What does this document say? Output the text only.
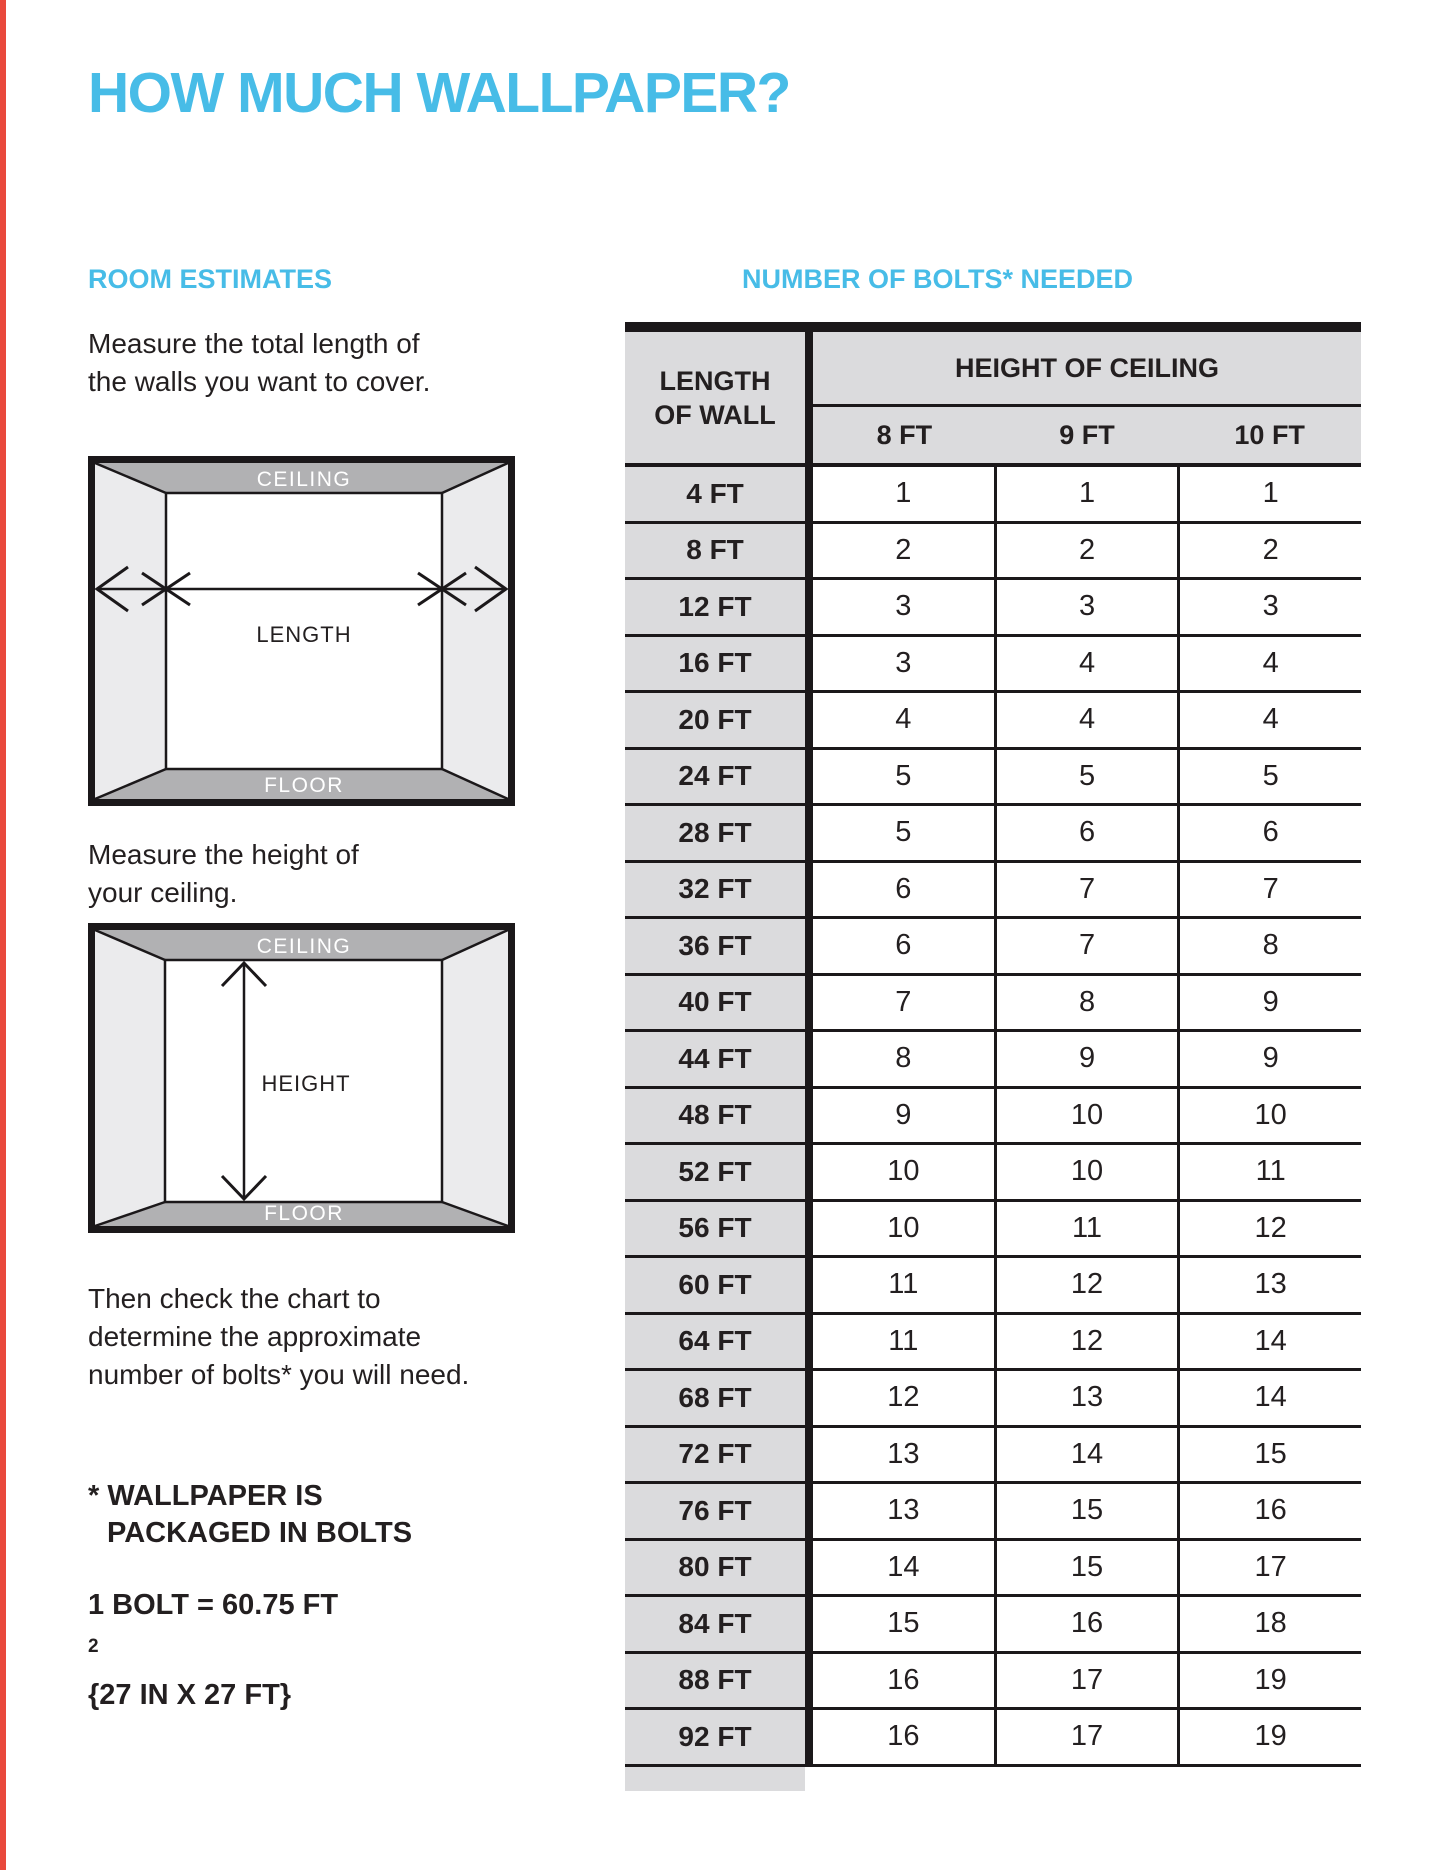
HOW MUCH WALLPAPER?
ROOM ESTIMATES	NUMBER OF BOLTS* NEEDED
Measure the total length of
the walls you want to cover.
CEILING
FLOOR
LENGTH
Measure the height of
your ceiling.
CEILING
FLOOR
HEIGHT
Then check the chart to
determine the approximate
number of bolts* you will need.
* WALLPAPER IS
PACKAGED IN BOLTS
1 BOLT = 60.75 FT
$^2$
{27 IN X 27 FT}
LENGTH
OF WALL
HEIGHT OF CEILING
8 FT	9 FT	10 FT
4 FT	1	1	1
8 FT	2	2	2
12 FT	3	3	3
16 FT	3	4	4
20 FT	4	4	4
24 FT	5	5	5
28 FT	5	6	6
32 FT	6	7	7
36 FT	6	7	8
40 FT	7	8	9
44 FT	8	9	9
48 FT	9	10	10
52 FT	10	10	11
56 FT	10	11	12
60 FT	11	12	13
64 FT	11	12	14
68 FT	12	13	14
72 FT	13	14	15
76 FT	13	15	16
80 FT	14	15	17
84 FT	15	16	18
88 FT	16	17	19
92 FT	16	17	19
